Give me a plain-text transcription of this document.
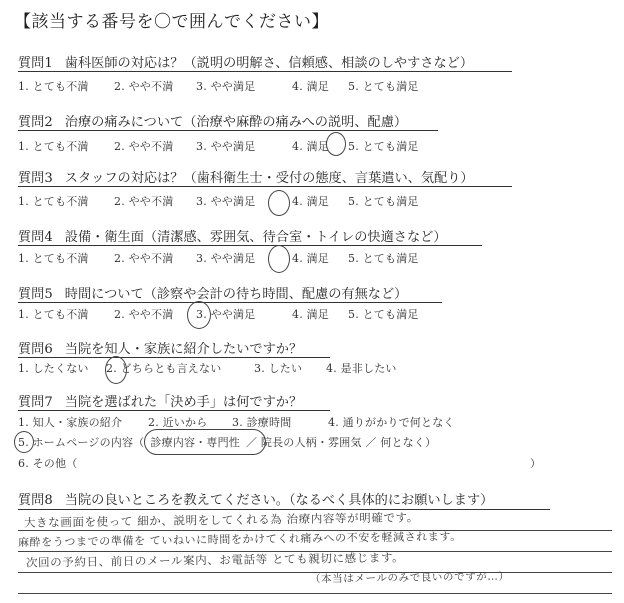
【該当する番号を〇で囲んでください】
質問1 歯科医師の対応は？（説明の明解さ、信頼感、相談のしやすさなど）
1. とても不満 2. やや不満 3. やや満足	4. 満足 5. とても満足
質問2 治療の痛みについて（治療や麻酔の痛みへの説明、配慮）
1. とても不満 2. やや不満 3. やや満足	4. 満足 5. とても満足
質問3 スタッフの対応は？（歯科衛生士・受付の態度、言葉遣い、気配り）
1. とても不満 2. やや不満 3. やや満足	4. 満足 5. とても満足
質問4 設備・衛生面（清潔感、雰囲気、待合室・トイレの快適さなど）
1. とても不満 2. やや不満 3. やや満足	4. 満足 5. とても満足
質問5 時間について（診察や会計の待ち時間、配慮の有無など）
1. とても不満 2. やや不満 3. やや満足	4. 満足 5. とても満足
質問6 当院を知人・家族に紹介したいですか？
1. したくない 2. どちらとも言えない	3. したい 4. 是非したい
質問7 当院を選ばれた「決め手」は何ですか？
1. 知人・家族の紹介 2. 近いから 3. 診療時間	4. 通りがかりで何となく
5. ホームページの内容（ 診療内容・専門性 ／ 院長の人柄・雰囲気 ／ 何となく）
6. その他（	）
質問8 当院の良いところを教えてください。（なるべく具体的にお願いします）
大きな画面を使って 細か、説明をしてくれる為 治療内容等が明確です。
麻酔をうつまでの準備を ていねいに時間をかけてくれ痛みへの不安を軽減されます。
次回の予約日、前日のメール案内、お電話等 とても親切に感じます。
（本当はメールのみで良いのですが…）
